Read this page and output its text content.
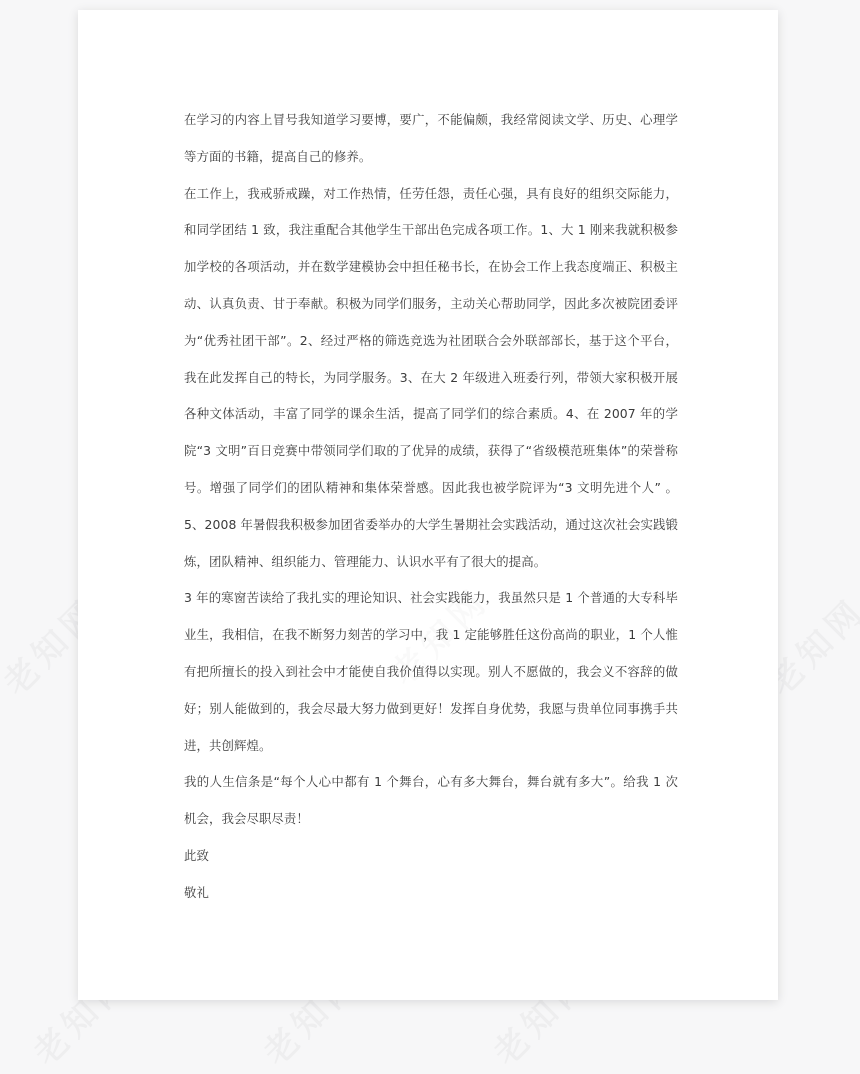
在学习的内容上冒号我知道学习要博，要广，不能偏颇，我经常阅读文学、历史、心理学等方面的书籍，提高自己的修养。

在工作上，我戒骄戒躁，对工作热情，任劳任怨，责任心强，具有良好的组织交际能力，和同学团结 1 致，我注重配合其他学生干部出色完成各项工作。1、大 1 刚来我就积极参加学校的各项活动，并在数学建模协会中担任秘书长，在协会工作上我态度端正、积极主动、认真负责、甘于奉献。积极为同学们服务，主动关心帮助同学，因此多次被院团委评为“优秀社团干部”。2、经过严格的筛选竞选为社团联合会外联部部长，基于这个平台，我在此发挥自己的特长，为同学服务。3、在大 2 年级进入班委行列，带领大家积极开展各种文体活动，丰富了同学的课余生活，提高了同学们的综合素质。4、在 2007 年的学院“3 文明”百日竞赛中带领同学们取的了优异的成绩，获得了“省级模范班集体”的荣誉称号。增强了同学们的团队精神和集体荣誉感。因此我也被学院评为“3 文明先进个人” 。5、2008 年暑假我积极参加团省委举办的大学生暑期社会实践活动，通过这次社会实践锻炼，团队精神、组织能力、管理能力、认识水平有了很大的提高。

3 年的寒窗苦读给了我扎实的理论知识、社会实践能力，我虽然只是 1 个普通的大专科毕业生，我相信，在我不断努力刻苦的学习中，我 1 定能够胜任这份高尚的职业，1 个人惟有把所擅长的投入到社会中才能使自我价值得以实现。别人不愿做的，我会义不容辞的做好；别人能做到的，我会尽最大努力做到更好！发挥自身优势，我愿与贵单位同事携手共进，共创辉煌。

我的人生信条是“每个人心中都有 1 个舞台，心有多大舞台，舞台就有多大”。给我 1 次机会，我会尽职尽责！

此致

敬礼
